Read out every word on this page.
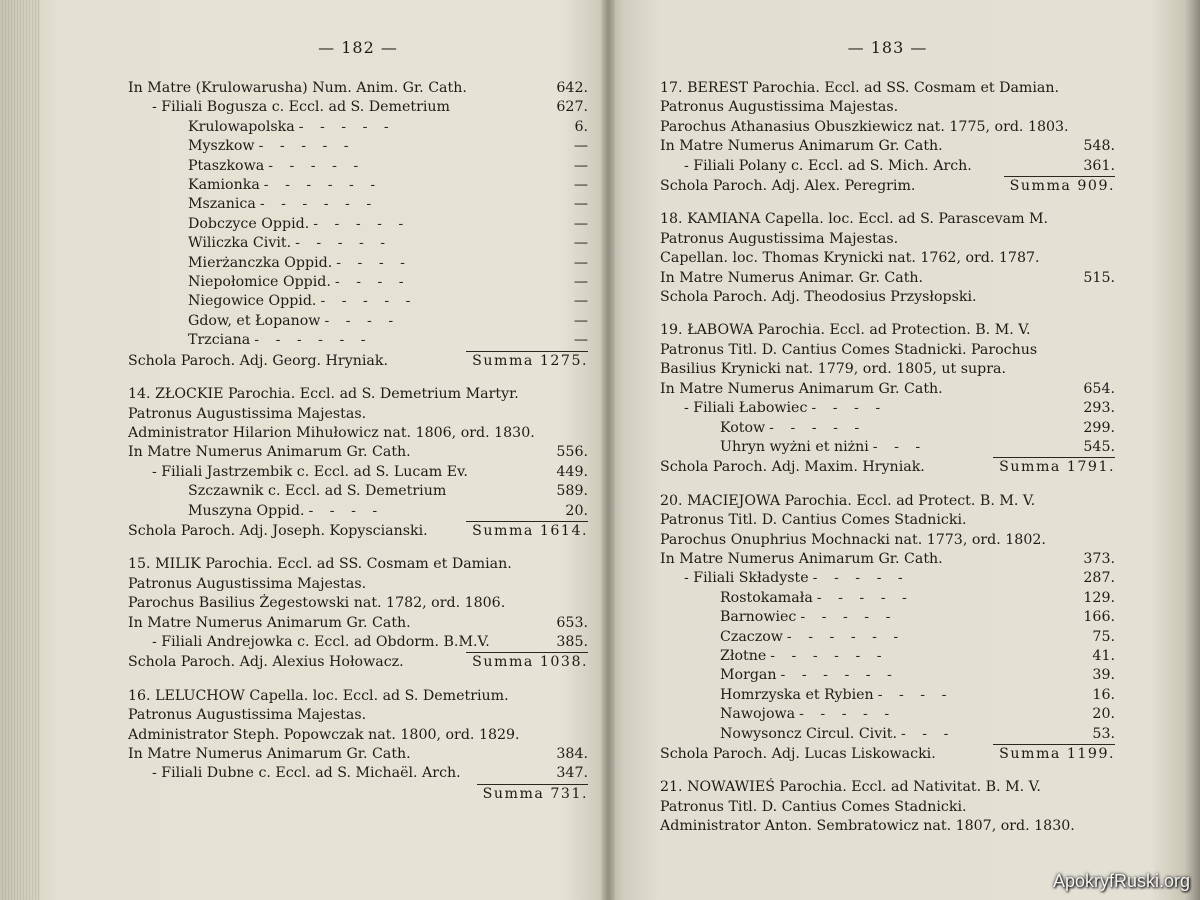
— 182 —
In Matre (Krulowarusha) Num. Anim. Gr. Cath.	642.
- Filiali Bogusza c. Eccl. ad S. Demetrium	627.
Krulowapolska - - - - -	6.
Myszkow - - - - -	—
Ptaszkowa - - - - -	—
Kamionka - - - - - -	—
Mszanica - - - - - -	—
Dobczyce Oppid. - - - - -	—
Wiliczka Civit. - - - - -	—
Mierżanczka Oppid. - - - -	—
Niepołomice Oppid. - - - -	—
Niegowice Oppid. - - - - -	—
Gdow, et Łopanow - - - -	—
Trzciana - - - - - -	—
Schola Paroch. Adj. Georg. Hryniak.	Summa 1275.
14. ZŁOCKIE Parochia. Eccl. ad S. Demetrium Martyr.
Patronus Augustissima Majestas.
Administrator Hilarion Mihułowicz nat. 1806, ord. 1830.
In Matre Numerus Animarum Gr. Cath.	556.
- Filiali Jastrzembik c. Eccl. ad S. Lucam Ev.	449.
Szczawnik c. Eccl. ad S. Demetrium	589.
Muszyna Oppid. - - - -	20.
Schola Paroch. Adj. Joseph. Kopyscianski.	Summa 1614.
15. MILIK Parochia. Eccl. ad SS. Cosmam et Damian.
Patronus Augustissima Majestas.
Parochus Basilius Żegestowski nat. 1782, ord. 1806.
In Matre Numerus Animarum Gr. Cath.	653.
- Filiali Andrejowka c. Eccl. ad Obdorm. B.M.V.	385.
Schola Paroch. Adj. Alexius Hołowacz.	Summa 1038.
16. LELUCHOW Capella. loc. Eccl. ad S. Demetrium.
Patronus Augustissima Majestas.
Administrator Steph. Popowczak nat. 1800, ord. 1829.
In Matre Numerus Animarum Gr. Cath.	384.
- Filiali Dubne c. Eccl. ad S. Michaël. Arch.	347.
Summa 731.
— 183 —
17. BEREST Parochia. Eccl. ad SS. Cosmam et Damian.
Patronus Augustissima Majestas.
Parochus Athanasius Obuszkiewicz nat. 1775, ord. 1803.
In Matre Numerus Animarum Gr. Cath.	548.
- Filiali Polany c. Eccl. ad S. Mich. Arch.	361.
Schola Paroch. Adj. Alex. Peregrim.	Summa 909.
18. KAMIANA Capella. loc. Eccl. ad S. Parascevam M.
Patronus Augustissima Majestas.
Capellan. loc. Thomas Krynicki nat. 1762, ord. 1787.
In Matre Numerus Animar. Gr. Cath.	515.
Schola Paroch. Adj. Theodosius Przysłopski.
19. ŁABOWA Parochia. Eccl. ad Protection. B. M. V.
Patronus Titl. D. Cantius Comes Stadnicki. Parochus
Basilius Krynicki nat. 1779, ord. 1805, ut supra.
In Matre Numerus Animarum Gr. Cath.	654.
- Filiali Łabowiec - - - -	293.
Kotow - - - - -	299.
Uhryn wyżni et niżni - - -	545.
Schola Paroch. Adj. Maxim. Hryniak.	Summa 1791.
20. MACIEJOWA Parochia. Eccl. ad Protect. B. M. V.
Patronus Titl. D. Cantius Comes Stadnicki.
Parochus Onuphrius Mochnacki nat. 1773, ord. 1802.
In Matre Numerus Animarum Gr. Cath.	373.
- Filiali Składyste - - - - -	287.
Rostokamała - - - - -	129.
Barnowiec - - - - -	166.
Czaczow - - - - - -	75.
Złotne - - - - - -	41.
Morgan - - - - - -	39.
Homrzyska et Rybien - - - -	16.
Nawojowa - - - - -	20.
Nowysoncz Circul. Civit. - - -	53.
Schola Paroch. Adj. Lucas Liskowacki.	Summa 1199.
21. NOWAWIEŚ Parochia. Eccl. ad Nativitat. B. M. V.
Patronus Titl. D. Cantius Comes Stadnicki.
Administrator Anton. Sembratowicz nat. 1807, ord. 1830.
ApokryfRuski.org
